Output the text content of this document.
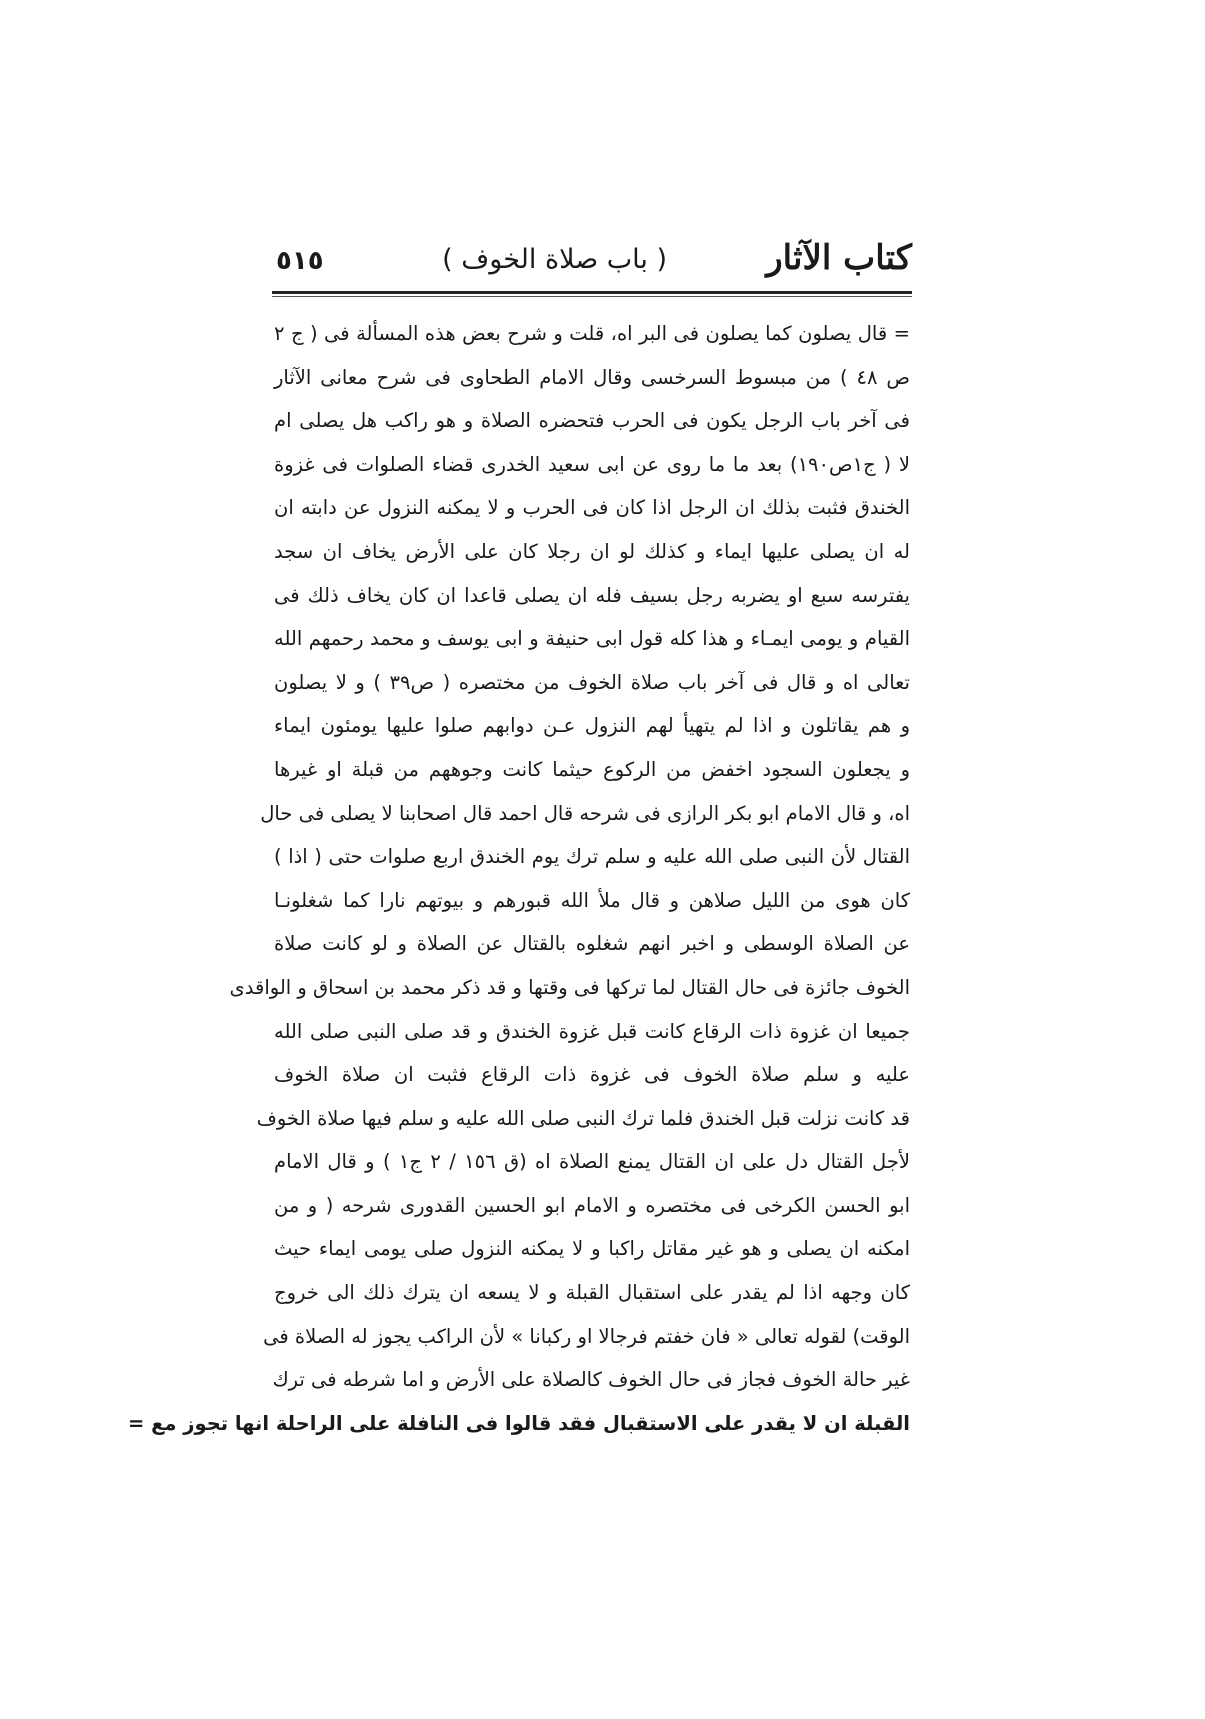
كتاب الآثار
( باب صلاة الخوف )
٥١٥
= قال يصلون كما يصلون فى البر اه، قلت و شرح بعض هذه المسألة فى ( ج ٢
ص ٤٨ ) من مبسوط السرخسى وقال الامام الطحاوى فى شرح معانى الآثار
فى آخر باب الرجل يكون فى الحرب فتحضره الصلاة و هو راكب هل يصلى ام
لا ( ج١ص١٩٠) بعد ما ما روى عن ابى سعيد الخدرى قضاء الصلوات فى غزوة
الخندق فثبت بذلك ان الرجل اذا كان فى الحرب و لا يمكنه النزول عن دابته ان
له ان يصلى عليها ايماء و كذلك لو ان رجلا كان على الأرض يخاف ان سجد
يفترسه سبع او يضربه رجل بسيف فله ان يصلى قاعدا ان كان يخاف ذلك فى
القيام و يومى ايمـاء و هذا كله قول ابى حنيفة و ابى يوسف و محمد رحمهم الله
تعالى اه و قال فى آخر باب صلاة الخوف من مختصره ( ص٣٩ ) و لا يصلون
و هم يقاتلون و اذا لم يتهيأ لهم النزول عـن دوابهم صلوا عليها يومئون ايماء
و يجعلون السجود اخفض من الركوع حيثما كانت وجوههم من قبلة او غيرها
اه، و قال الامام ابو بكر الرازى فى شرحه قال احمد قال اصحابنا لا يصلى فى حال
القتال لأن النبى صلى الله عليه و سلم ترك يوم الخندق اربع صلوات حتى ( اذا )
كان هوى من الليل صلاهن و قال ملأ الله قبورهم و بيوتهم نارا كما شغلونـا
عن الصلاة الوسطى و اخبر انهم شغلوه بالقتال عن الصلاة و لو كانت صلاة
الخوف جائزة فى حال القتال لما تركها فى وقتها و قد ذكر محمد بن اسحاق و الواقدى
جميعا ان غزوة ذات الرقاع كانت قبل غزوة الخندق و قد صلى النبى صلى الله
عليه و سلم صلاة الخوف فى غزوة ذات الرقاع فثبت ان صلاة الخوف
قد كانت نزلت قبل الخندق فلما ترك النبى صلى الله عليه و سلم فيها صلاة الخوف
لأجل القتال دل على ان القتال يمنع الصلاة اه (ق ١٥٦ / ٢ ج١ ) و قال الامام
ابو الحسن الكرخى فى مختصره و الامام ابو الحسين القدورى شرحه ( و من
امكنه ان يصلى و هو غير مقاتل راكبا و لا يمكنه النزول صلى يومى ايماء حيث
كان وجهه اذا لم يقدر على استقبال القبلة و لا يسعه ان يترك ذلك الى خروج
الوقت) لقوله تعالى « فان خفتم فرجالا او ركبانا » لأن الراكب يجوز له الصلاة فى
غير حالة الخوف فجاز فى حال الخوف كالصلاة على الأرض و اما شرطه فى ترك
القبلة ان لا يقدر على الاستقبال فقد قالوا فى النافلة على الراحلة انها تجوز مع =
